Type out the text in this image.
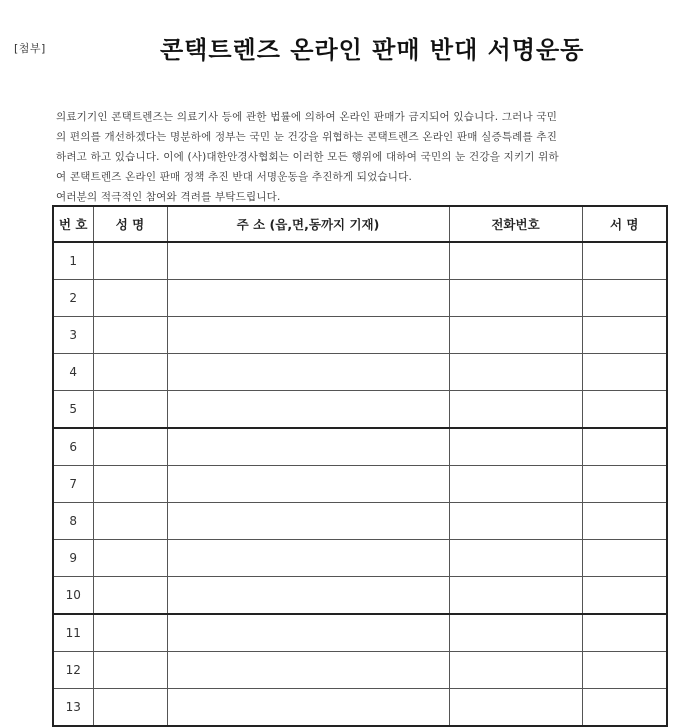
[첨부]	콘택트렌즈 온라인 판매 반대 서명운동

의료기기인 콘택트렌즈는 의료기사 등에 관한 법률에 의하여 온라인 판매가 금지되어 있습니다. 그러나 국민

의 편의를 개선하겠다는 명분하에 정부는 국민 눈 건강을 위협하는 콘택트렌즈 온라인 판매 실증특례를 추진

하려고 하고 있습니다. 이에 (사)대한안경사협회는 이러한 모든 행위에 대하여 국민의 눈 건강을 지키기 위하

여 콘택트렌즈 온라인 판매 정책 추진 반대 서명운동을 추진하게 되었습니다.

여러분의 적극적인 참여와 격려를 부탁드립니다.

번 호	성 명	주 소 (읍,면,동까지 기재)	전화번호	서 명
1				
2				
3				
4				
5				
6				
7				
8				
9				
10				
11				
12				
13				
